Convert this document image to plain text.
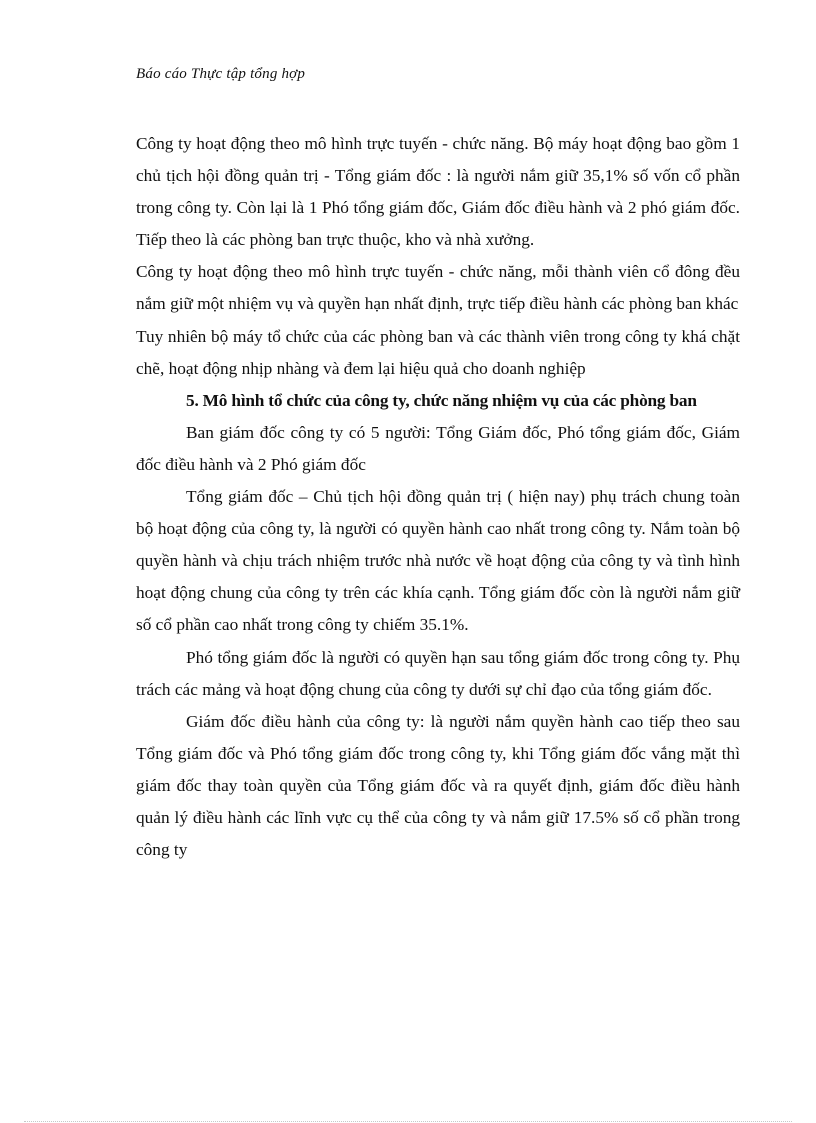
Báo cáo Thực tập tổng hợp

Công ty hoạt động theo mô hình trực tuyến - chức năng. Bộ máy hoạt động bao gồm 1 chủ tịch hội đồng quản trị - Tổng giám đốc : là người nắm giữ 35,1% số vốn cổ phần trong công ty. Còn lại là 1 Phó tổng giám đốc, Giám đốc điều hành và 2 phó giám đốc. Tiếp theo là các phòng ban trực thuộc, kho và nhà xưởng.

Công ty hoạt động theo mô hình trực tuyến - chức năng, mỗi thành viên cổ đông đều nắm giữ một nhiệm vụ và quyền hạn nhất định, trực tiếp điều hành các phòng ban khác

Tuy nhiên bộ máy tổ chức của các phòng ban và các thành viên trong công ty khá chặt chẽ, hoạt động nhịp nhàng và đem lại hiệu quả cho doanh nghiệp

5. Mô hình tổ chức của công ty, chức năng nhiệm vụ của các phòng ban

Ban giám đốc công ty có 5 người: Tổng Giám đốc, Phó tổng giám đốc, Giám đốc điều hành và 2 Phó giám đốc

Tổng giám đốc – Chủ tịch hội đồng quản trị ( hiện nay) phụ trách chung toàn bộ hoạt động của công ty, là người có quyền hành cao nhất trong công ty. Nắm toàn bộ quyền hành và chịu trách nhiệm trước nhà nước về hoạt động của công ty và tình hình hoạt động chung của công ty trên các khía cạnh. Tổng giám đốc còn là người nắm giữ số cổ phần cao nhất trong công ty chiếm 35.1%.

Phó tổng giám đốc là người có quyền hạn sau tổng giám đốc trong công ty. Phụ trách các mảng và hoạt động chung của công ty dưới sự chỉ đạo của tổng giám đốc.

Giám đốc điều hành của công ty: là người nắm quyền hành cao tiếp theo sau Tổng giám đốc và Phó tổng giám đốc trong công ty, khi Tổng giám đốc vắng mặt thì giám đốc thay toàn quyền của Tổng giám đốc và ra quyết định, giám đốc điều hành quản lý điều hành các lĩnh vực cụ thể của công ty và nắm giữ 17.5% số cổ phần trong công ty
